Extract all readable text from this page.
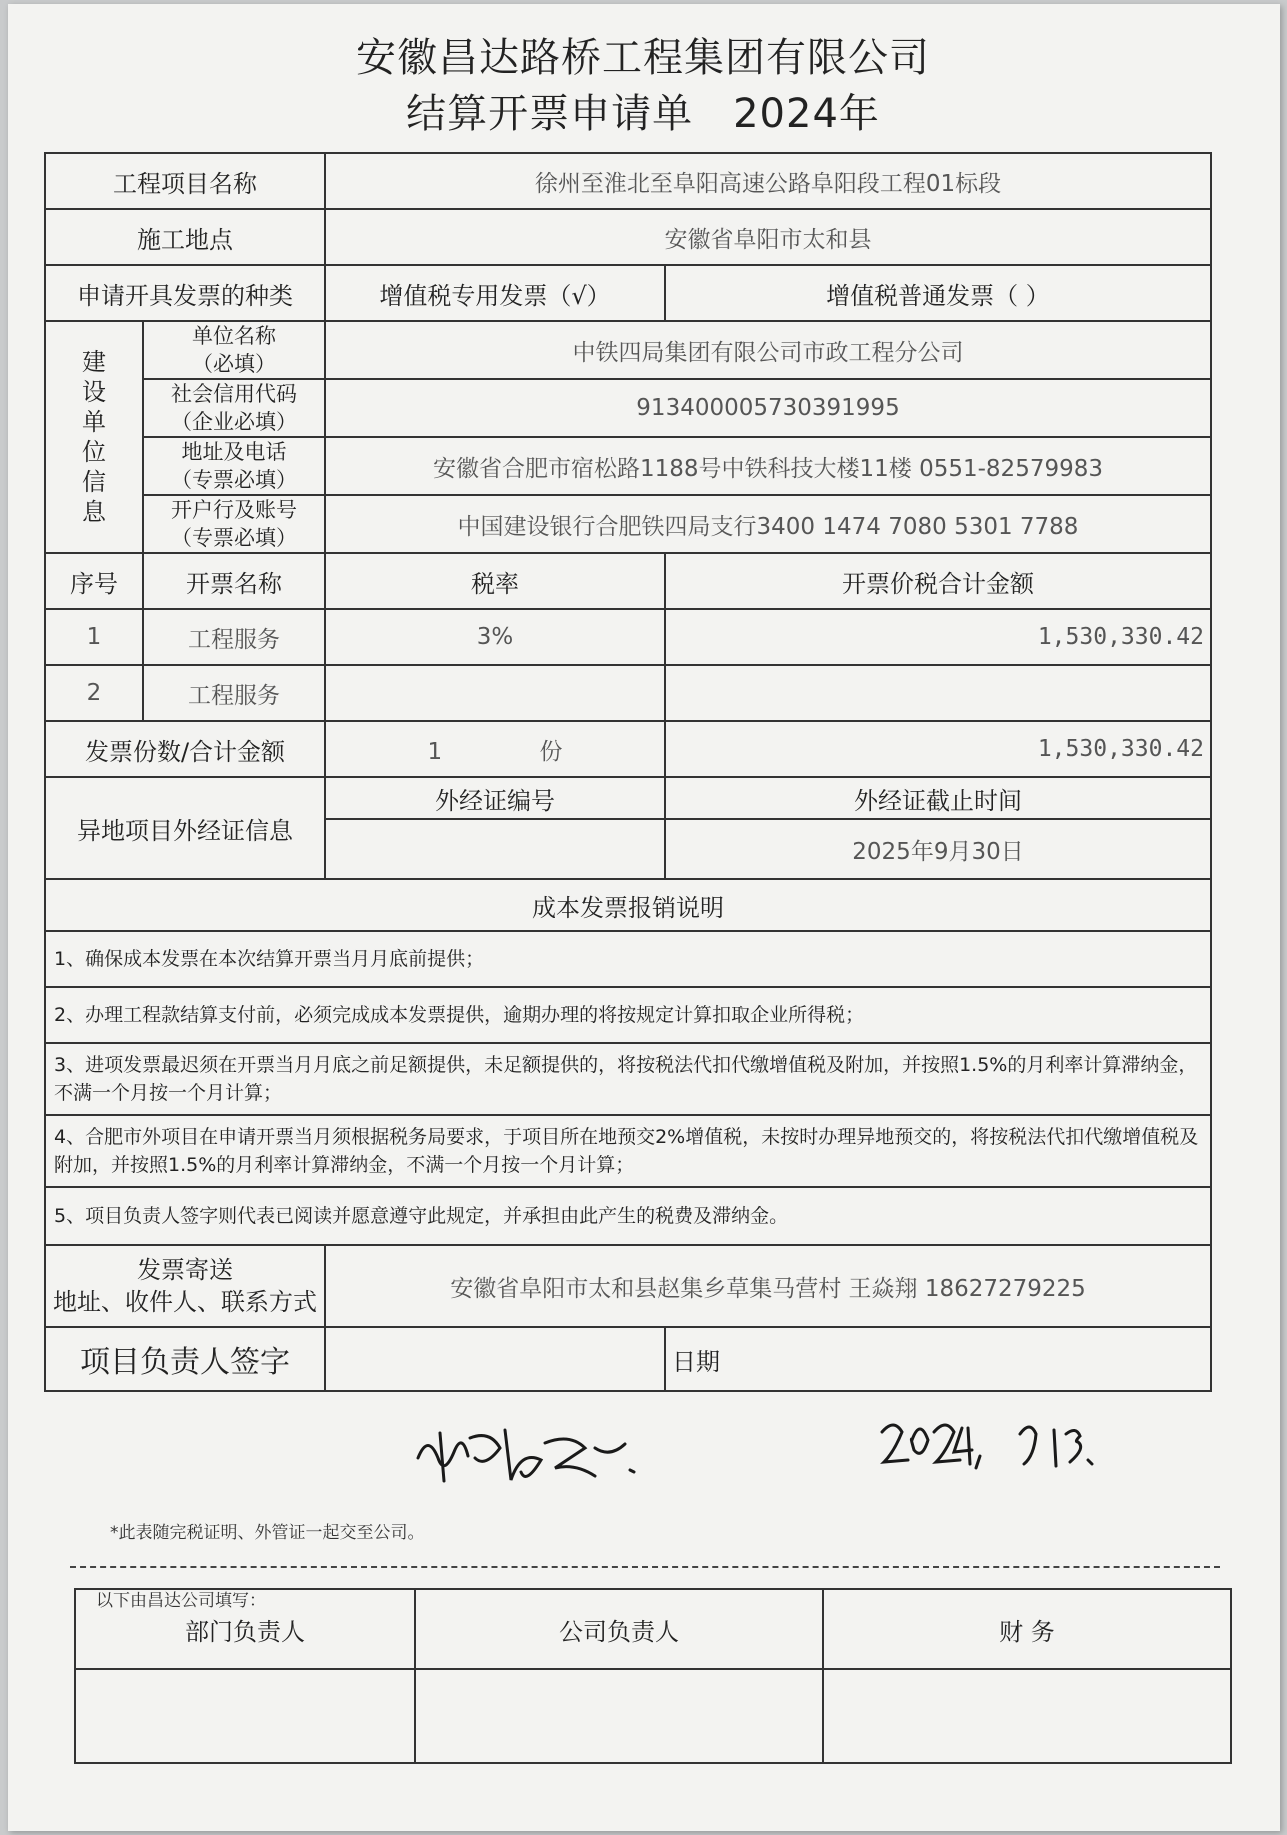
安徽昌达路桥工程集团有限公司
结算开票申请单 2024年
工程项目名称		徐州至淮北至阜阳高速公路阜阳段工程01标段	
施工地点		安徽省阜阳市太和县	
申请开具发票的种类		增值税专用发票（√）	增值税普通发票（ ）

建设单位信息	单位名称
（必填）	中铁四局集团有限公司市政工程分公司	

	社会信用代码
（企业必填）	913400005730391995	

	地址及电话
（专票必填）	安徽省合肥市宿松路1188号中铁科技大楼11楼 0551-82579983	

	开户行及账号
（专票必填）	中国建设银行合肥铁四局支行3400 1474 7080 5301 7788	
序号	开票名称	税率	开票价税合计金额
1	工程服务	3%	1,530,330.42
2	工程服务		
发票份数/合计金额		1 份	1,530,330.42
异地项目外经证信息		外经证编号	外经证截止时间
			2025年9月30日
成本发票报销说明			
1、确保成本发票在本次结算开票当月月底前提供；			
2、办理工程款结算支付前，必须完成成本发票提供，逾期办理的将按规定计算扣取企业所得税；			
3、进项发票最迟须在开票当月月底之前足额提供，未足额提供的，将按税法代扣代缴增值税及附加，并按照1.5%的月利率计算滞纳金，不满一个月按一个月计算；			
4、合肥市外项目在申请开票当月须根据税务局要求，于项目所在地预交2%增值税，未按时办理异地预交的，将按税法代扣代缴增值税及附加，并按照1.5%的月利率计算滞纳金，不满一个月按一个月计算；			
5、项目负责人签字则代表已阅读并愿意遵守此规定，并承担由此产生的税费及滞纳金。			

发票寄送
地址、收件人、联系方式		安徽省阜阳市太和县赵集乡草集马营村 王焱翔 18627279225	
项目负责人签字			日期
*此表随完税证明、外管证一起交至公司。
以下由昌达公司填写：
部门负责人	公司负责人	财 务
